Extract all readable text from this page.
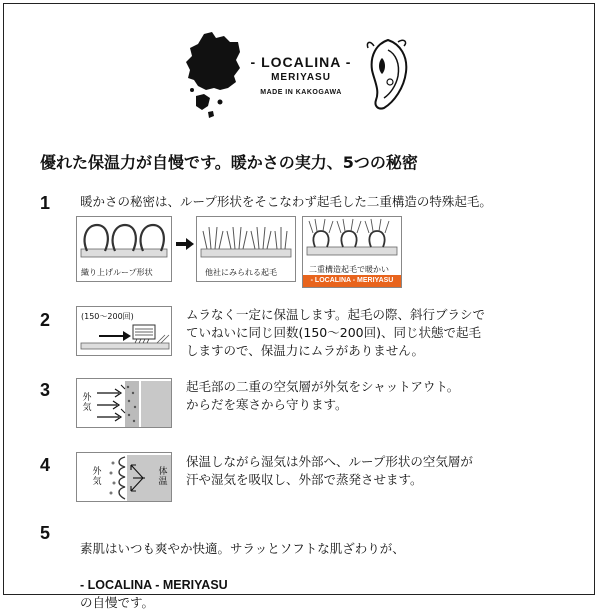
- LOCALINA -
MERIYASU
MADE IN KAKOGAWA
優れた保温力が自慢です。暖かさの実力、5つの秘密
1 暖かさの秘密は、ループ形状をそこなわず起毛した二重構造の特殊起毛。
織り上げループ形状	他社にみられる起毛	二重構造起毛で暖かい
- LOCALINA - MERIYASU
2	(150〜200回)	ムラなく一定に保温します。起毛の際、斜行ブラシで
ていねいに同じ回数(150〜200回)、同じ状態で起毛
しますので、保温力にムラがありません。
3	外気
起毛部の二重の空気層が外気をシャットアウト。
からだを寒さから守ります。
4	外気
体温
保温しながら湿気は外部へ、ループ形状の空気層が
汗や湿気を吸収し、外部で蒸発させます。
5

素肌はいつも爽やか快適。サラッとソフトな肌ざわりが、

- LOCALINA - MERIYASU
の自慢です。
